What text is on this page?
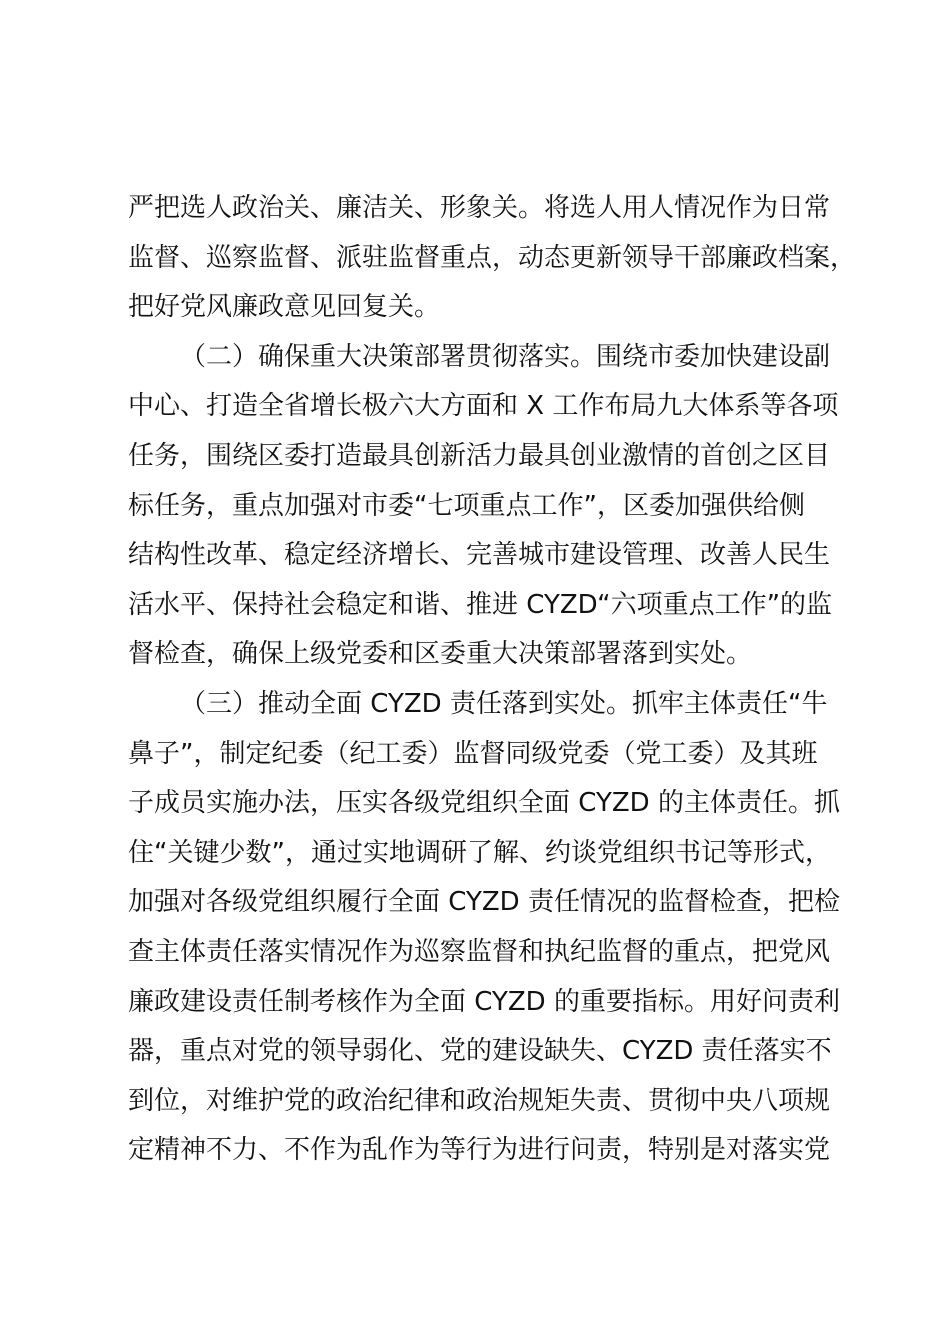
严把选人政治关、廉洁关、形象关。将选人用人情况作为日常
监督、巡察监督、派驻监督重点，动态更新领导干部廉政档案，
把好党风廉政意见回复关。
（二）确保重大决策部署贯彻落实。围绕市委加快建设副
中心、打造全省增长极六大方面和 X 工作布局九大体系等各项
任务，围绕区委打造最具创新活力最具创业激情的首创之区目
标任务，重点加强对市委“七项重点工作”，区委加强供给侧
结构性改革、稳定经济增长、完善城市建设管理、改善人民生
活水平、保持社会稳定和谐、推进 CYZD“六项重点工作”的监
督检查，确保上级党委和区委重大决策部署落到实处。
（三）推动全面 CYZD 责任落到实处。抓牢主体责任“牛
鼻子”，制定纪委（纪工委）监督同级党委（党工委）及其班
子成员实施办法，压实各级党组织全面 CYZD 的主体责任。抓
住“关键少数”，通过实地调研了解、约谈党组织书记等形式，
加强对各级党组织履行全面 CYZD 责任情况的监督检查，把检
查主体责任落实情况作为巡察监督和执纪监督的重点，把党风
廉政建设责任制考核作为全面 CYZD 的重要指标。用好问责利
器，重点对党的领导弱化、党的建设缺失、CYZD 责任落实不
到位，对维护党的政治纪律和政治规矩失责、贯彻中央八项规
定精神不力、不作为乱作为等行为进行问责，特别是对落实党
